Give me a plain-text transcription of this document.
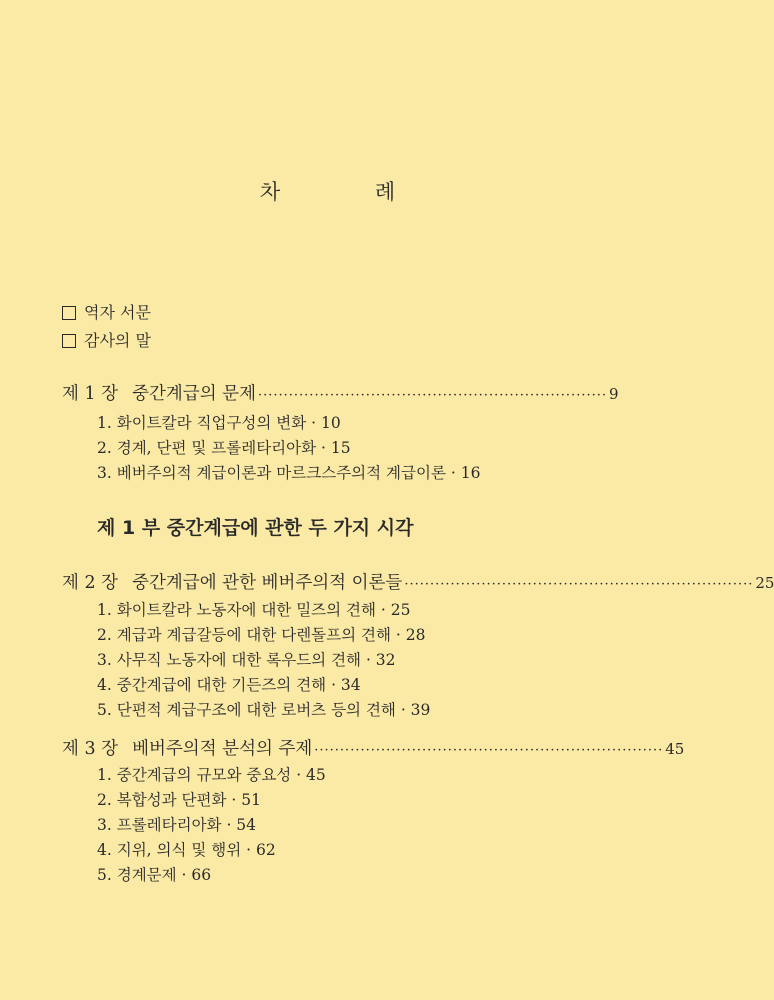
차 례
역자 서문
감사의 말
제 1 장 중간계급의 문제 ···································································· 9
1. 화이트칼라 직업구성의 변화 · 10
2. 경계, 단편 및 프롤레타리아화 · 15
3. 베버주의적 계급이론과 마르크스주의적 계급이론 · 16
제 1 부 중간계급에 관한 두 가지 시각
제 2 장 중간계급에 관한 베버주의적 이론들 ···································································· 25
1. 화이트칼라 노동자에 대한 밀즈의 견해 · 25
2. 계급과 계급갈등에 대한 다렌돌프의 견해 · 28
3. 사무직 노동자에 대한 록우드의 견해 · 32
4. 중간계급에 대한 기든즈의 견해 · 34
5. 단편적 계급구조에 대한 로버츠 등의 견해 · 39
제 3 장 베버주의적 분석의 주제 ···································································· 45
1. 중간계급의 규모와 중요성 · 45
2. 복합성과 단편화 · 51
3. 프롤레타리아화 · 54
4. 지위, 의식 및 행위 · 62
5. 경계문제 · 66
